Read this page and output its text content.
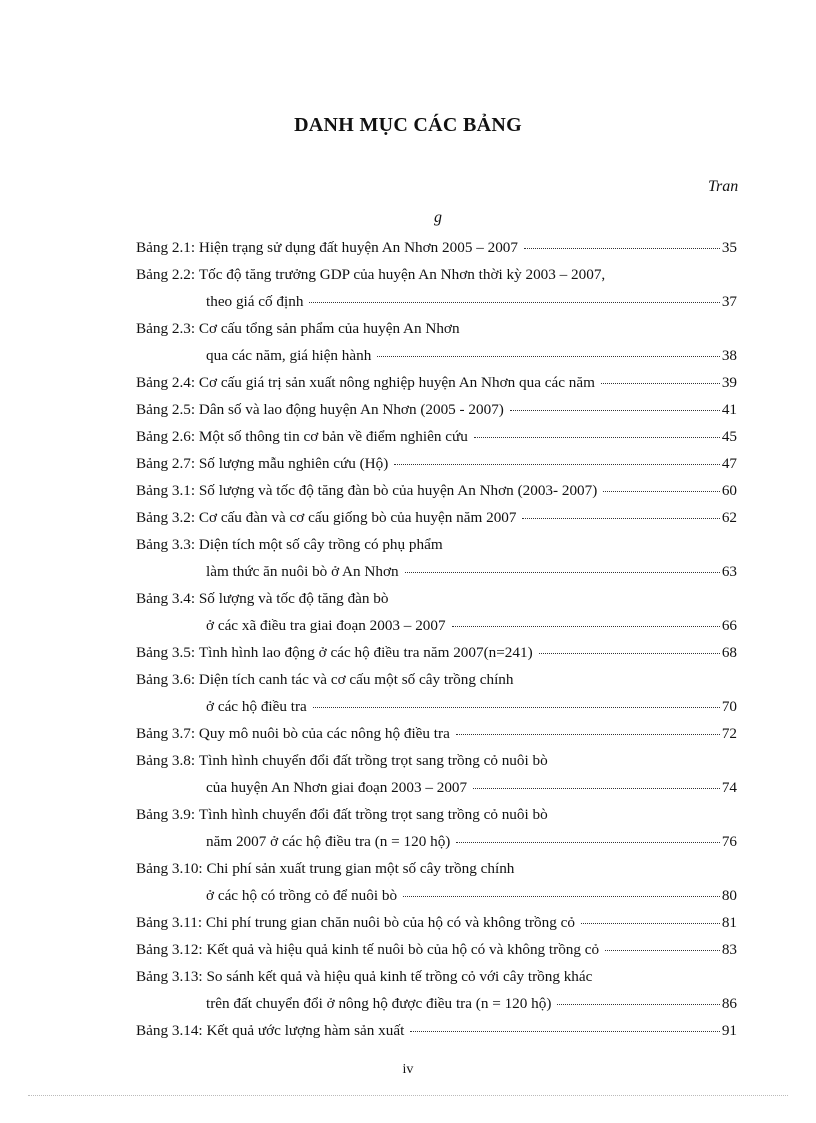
DANH MỤC CÁC BẢNG
Tran
g
Bảng 2.1:
Hiện trạng sử dụng đất huyện An Nhơn 2005 – 2007	35
Bảng 2.2:
Tốc độ tăng trưởng GDP của huyện An Nhơn thời kỳ 2003 – 2007,
theo giá cố định	37
Bảng 2.3:
Cơ cấu tổng sản phẩm của huyện An Nhơn
qua các năm, giá hiện hành	38
Bảng 2.4:
Cơ cấu giá trị sản xuất nông nghiệp huyện An Nhơn qua các năm	39
Bảng 2.5:
Dân số và lao động huyện An Nhơn (2005 - 2007)	41
Bảng 2.6:
Một số thông tin cơ bản về điểm nghiên cứu	45
Bảng 2.7:
Số lượng mẫu nghiên cứu (Hộ)	47
Bảng 3.1:
Số lượng và tốc độ tăng đàn bò của huyện An Nhơn (2003- 2007)	60
Bảng 3.2:
Cơ cấu đàn và cơ cấu giống bò của huyện năm 2007	62
Bảng 3.3:
Diện tích một số cây trồng có phụ phẩm
làm thức ăn nuôi bò ở An Nhơn	63
Bảng 3.4:
Số lượng và tốc độ tăng đàn bò
ở các xã điều tra giai đoạn 2003 – 2007	66
Bảng 3.5:
Tình hình lao động ở các hộ điều tra năm 2007(n=241)	68
Bảng 3.6:
Diện tích canh tác và cơ cấu một số cây trồng chính
ở các hộ điều tra	70
Bảng 3.7:
Quy mô nuôi bò của các nông hộ điều tra	72
Bảng 3.8:
Tình hình chuyển đổi đất trồng trọt sang trồng cỏ nuôi bò
của huyện An Nhơn giai đoạn 2003 – 2007	74
Bảng 3.9:
Tình hình chuyển đổi đất trồng trọt sang trồng cỏ nuôi bò
năm 2007 ở các hộ điều tra (n = 120 hộ)	76
Bảng 3.10:
Chi phí sản xuất trung gian một số cây trồng chính
ở các hộ có trồng cỏ để nuôi bò	80
Bảng 3.11:
Chi phí trung gian chăn nuôi bò của hộ có và không trồng cỏ	81
Bảng 3.12:
Kết quả và hiệu quả kinh tế nuôi bò của hộ có và không trồng cỏ	83
Bảng 3.13:
So sánh kết quả và hiệu quả kinh tế trồng cỏ với cây trồng khác
trên đất chuyển đổi ở nông hộ được điều tra (n = 120 hộ)	86
Bảng 3.14:
Kết quả ước lượng hàm sản xuất	91
iv
